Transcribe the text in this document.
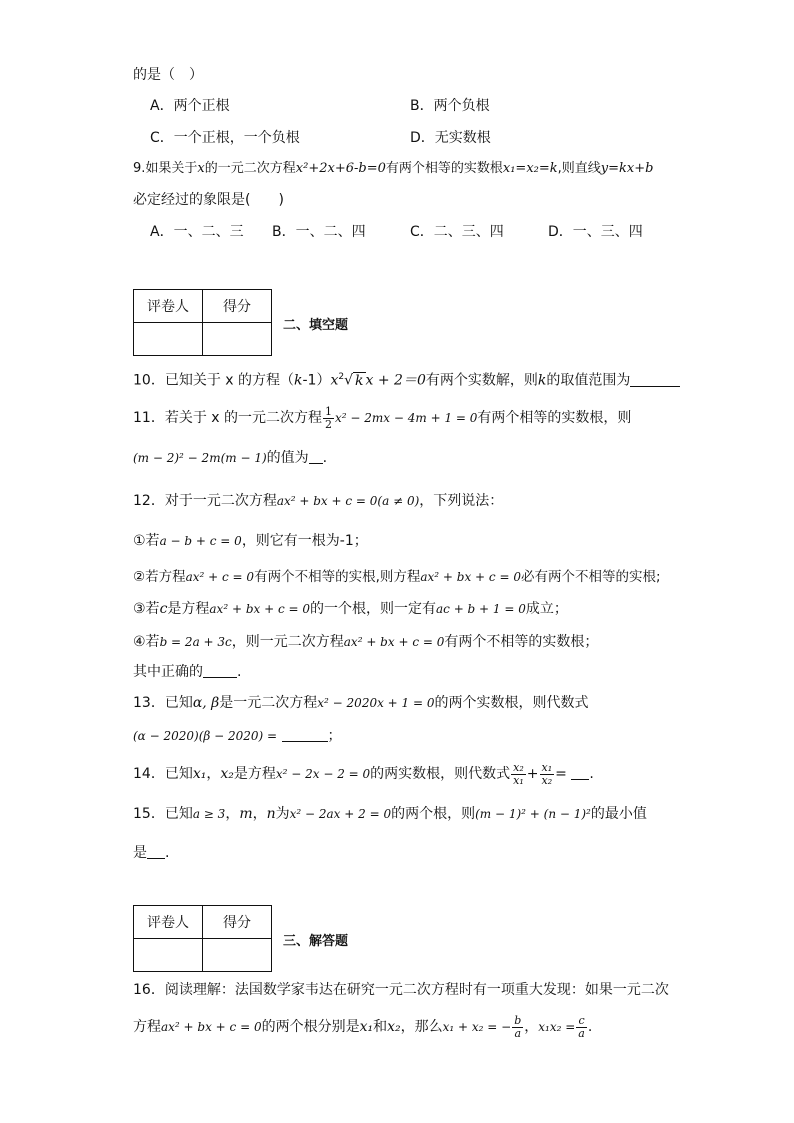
的是（　）
A．两个正根	B．两个负根
C．一个正根，一个负根	D．无实数根
9.如果关于x的一元二次方程x²+2x+6-b=0有两个相等的实数根x₁=x₂=k,则直线y=kx+b
必定经过的象限是(　　)
A．一、二、三 B．一、二、四	C．二、三、四	D．一、三、四
评卷人	得分

二、填空题
10．已知关于 x 的方程$(k-1)x^2√$ k x + 2＝0有两个实数解，则k的取值范围为
11．若关于 x 的一元二次方程 $\frac{1}{2} x^2 - 2mx - 4m + 1 = 0$有两个相等的实数根，则
(m − 2)² − 2m(m − 1)的值为 .
12．对于一元二次方程ax² + bx + c = 0(a ≠ 0)，下列说法：
①若a − b + c = 0，则它有一根为-1；
②若方程ax² + c = 0有两个不相等的实根,则方程ax² + bx + c = 0必有两个不相等的实根;
③若c是方程ax² + bx + c = 0的一个根，则一定有ac + b + 1 = 0成立；
④若b = 2a + 3c，则一元二次方程ax² + bx + c = 0有两个不相等的实数根；
其中正确的 .
13．已知α, β是一元二次方程x² − 2020x + 1 = 0的两个实数根，则代数式
(α − 2020)(β − 2020) =	；
14．已知x₁，x₂是方程x² − 2x − 2 = 0的两实数根，则代数式 $\frac{\text{x₂}}{\text{x₁}} + \frac{\text{x₁}}{\text{x₂}}$ = .
15．已知a ≥ 3，m，n为x² − 2ax + 2 = 0的两个根，则(m − 1)² + (n − 1)²的最小值
是 .
评卷人	得分

三、解答题
16．阅读理解：法国数学家韦达在研究一元二次方程时有一项重大发现：如果一元二次
方程ax² + bx + c = 0的两个根分别是x₁和x₂，那么x₁ + x₂ = − $\frac{b}{a}$ ，$x_1x_2 = \frac{c}{a}$ .
